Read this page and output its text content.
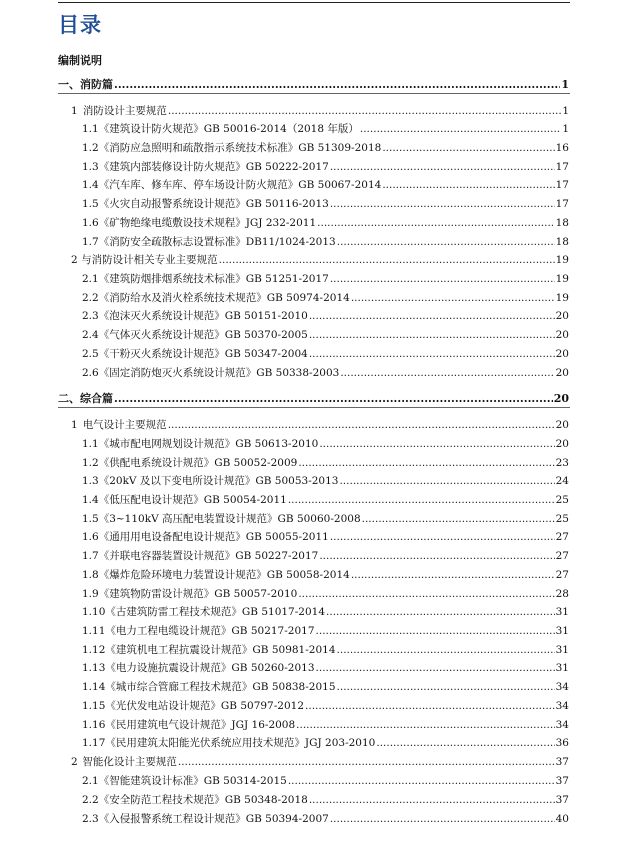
目录
编制说明
一、消防篇 .....	1
1 消防设计主要规范 .....	1
1.1 《建筑设计防火规范》GB 50016-2014（2018 年版） .....	1
1.2 《消防应急照明和疏散指示系统技术标准》GB 51309-2018 .....	16
1.3 《建筑内部装修设计防火规范》GB 50222-2017 .....	17
1.4 《汽车库、修车库、停车场设计防火规范》GB 50067-2014 .....	17
1.5 《火灾自动报警系统设计规范》GB 50116-2013 .....	17
1.6 《矿物绝缘电缆敷设技术规程》JGJ 232-2011 .....	18
1.7 《消防安全疏散标志设置标准》DB11/1024-2013 .....	18
2 与消防设计相关专业主要规范 .....	19
2.1 《建筑防烟排烟系统技术标准》GB 51251-2017 .....	19
2.2 《消防给水及消火栓系统技术规范》GB 50974-2014 .....	19
2.3 《泡沫灭火系统设计规范》GB 50151-2010 .....	20
2.4 《气体灭火系统设计规范》GB 50370-2005 .....	20
2.5 《干粉灭火系统设计规范》GB 50347-2004 .....	20
2.6 《固定消防炮灭火系统设计规范》GB 50338-2003 .....	20
二、综合篇 .....	20
1 电气设计主要规范 .....	20
1.1 《城市配电网规划设计规范》GB 50613-2010 .....	20
1.2 《供配电系统设计规范》GB 50052-2009 .....	23
1.3 《20kV 及以下变电所设计规范》GB 50053-2013 .....	24
1.4 《低压配电设计规范》GB 50054-2011 .....	25
1.5 《3~110kV 高压配电装置设计规范》GB 50060-2008 .....	25
1.6 《通用用电设备配电设计规范》GB 50055-2011 .....	27
1.7 《并联电容器装置设计规范》GB 50227-2017 .....	27
1.8 《爆炸危险环境电力装置设计规范》GB 50058-2014 .....	27
1.9 《建筑物防雷设计规范》GB 50057-2010 .....	28
1.10 《古建筑防雷工程技术规范》GB 51017-2014 .....	31
1.11 《电力工程电缆设计规范》GB 50217-2017 .....	31
1.12 《建筑机电工程抗震设计规范》GB 50981-2014 .....	31
1.13 《电力设施抗震设计规范》GB 50260-2013 .....	31
1.14 《城市综合管廊工程技术规范》GB 50838-2015 .....	34
1.15 《光伏发电站设计规范》GB 50797-2012 .....	34
1.16 《民用建筑电气设计规范》JGJ 16-2008 .....	34
1.17 《民用建筑太阳能光伏系统应用技术规范》JGJ 203-2010 .....	36
2 智能化设计主要规范 .....	37
2.1 《智能建筑设计标准》GB 50314-2015 .....	37
2.2 《安全防范工程技术规范》GB 50348-2018 .....	37
2.3 《入侵报警系统工程设计规范》GB 50394-2007 .....	40
